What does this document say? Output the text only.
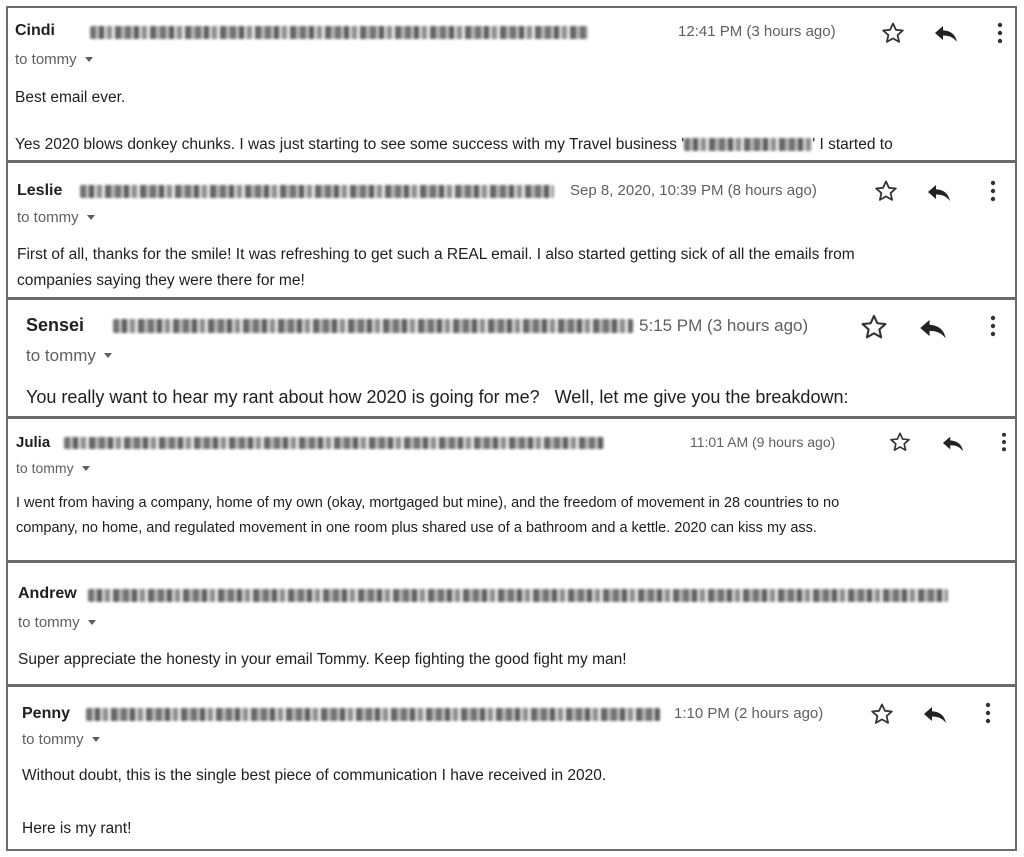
Cindi	12:41 PM (3 hours ago)
to tommy
Best email ever.
Yes 2020 blows donkey chunks. I was just starting to see some success with my Travel business '	' I started to
Leslie	Sep 8, 2020, 10:39 PM (8 hours ago)
to tommy
First of all, thanks for the smile! It was refreshing to get such a REAL email. I also started getting sick of all the emails from
companies saying they were there for me!
Sensei	5:15 PM (3 hours ago)
to tommy
You really want to hear my rant about how 2020 is going for me?   Well, let me give you the breakdown:
Julia	11:01 AM (9 hours ago)
to tommy
I went from having a company, home of my own (okay, mortgaged but mine), and the freedom of movement in 28 countries to no
company, no home, and regulated movement in one room plus shared use of a bathroom and a kettle. 2020 can kiss my ass.
Andrew
to tommy
Super appreciate the honesty in your email Tommy. Keep fighting the good fight my man!
Penny	1:10 PM (2 hours ago)
to tommy
Without doubt, this is the single best piece of communication I have received in 2020.
Here is my rant!
